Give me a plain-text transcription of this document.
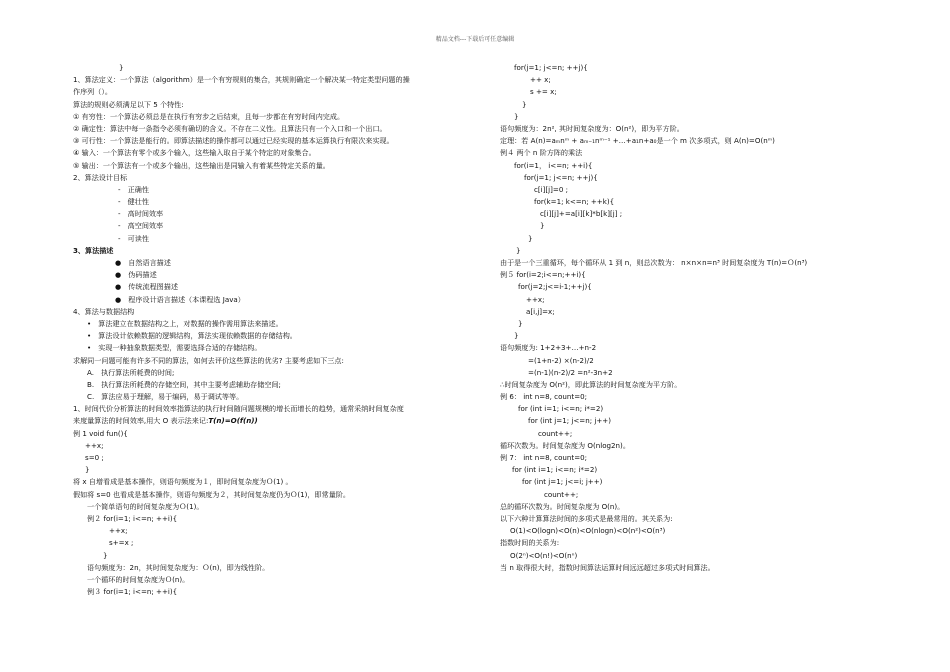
精品文档---下载后可任意编辑
}
1、算法定义：一个算法（algorithm）是一个有穷规则的集合，其规则确定一个解决某一特定类型问题的操
作序列（）。
算法的规则必须满足以下 5 个特性:
① 有穷性：一个算法必须总是在执行有穷步之后结束，且每一步都在有穷时间内完成。
② 确定性：算法中每一条指令必须有确切的含义。不存在二义性。且算法只有一个入口和一个出口。
③ 可行性：一个算法是能行的。即算法描述的操作都可以通过已经实现的基本运算执行有限次来实现。
④ 输入：一个算法有零个或多个输入，这些输入取自于某个特定的对象集合。
⑤ 输出：一个算法有一个或多个输出，这些输出是同输入有着某些特定关系的量。
2、算法设计目标
-　正确性
-　健壮性
-　高时间效率
-　高空间效率
-　可读性
3、算法描述
●　自然语言描述
●　伪码描述
●　传统流程图描述
●　程序设计语言描述（本课程选 Java）
4、算法与数据结构
•　算法建立在数据结构之上，对数据的操作需用算法来描述。
•　算法设计依赖数据的逻辑结构，算法实现依赖数据的存储结构。
•　实现一种抽象数据类型，需要选择合适的存储结构。
求解同一问题可能有许多不同的算法，如何去评价这些算法的优劣? 主要考虑如下三点:
A.　执行算法所耗费的时间;
B.　执行算法所耗费的存储空间，其中主要考虑辅助存储空间;
C.　算法应易于理解，易于编码，易于调试等等。
1、时间代价分析算法的时间效率指算法的执行时间随问题规模的增长而增长的趋势，通常采纳时间复杂度
来度量算法的时间效率,用大 O 表示法来记:T(n)=O(f(n))
例 1 void fun(){
++x;
s=0 ;
}
将 x 自增看成是基本操作，则语句频度为１，即时间复杂度为Ｏ(1) 。
假如将 s=0 也看成是基本操作，则语句频度为２，其时间复杂度仍为Ｏ(1)，即常量阶。
一个简单语句的时间复杂度为Ｏ(1)。
例２ for(i=1; i<=n; ++i){
++x;
s+=x ;
}
语句频度为：2n，其时间复杂度为：Ｏ(n)，即为线性阶。
一个循环的时间复杂度为Ｏ(n)。
例３ for(i=1; i<=n; ++i){
for(j=1; j<=n; ++j){
++ x;
s += x;
}
}
语句频度为：2n², 其时间复杂度为：O(n²)，即为平方阶。
定理：若 A(n)=aₘnᵐ + aₘ₋₁nᵐ⁻¹ +…+a₁n+a₀是一个 m 次多项式，则 A(n)=O(nᵐ)
例４ 两个 n 阶方阵的乘法
for(i=1， i<=n; ++i){
for(j=1; j<=n; ++j){
c[i][j]=0 ;
for(k=1; k<=n; ++k){
c[i][j]+=a[i][k]*b[k][j] ;
}
}
}
由于是一个三重循环，每个循环从 1 到 n，则总次数为： n×n×n=n³ 时间复杂度为 T(n)=Ｏ(n³)
例５ for(i=2;i<=n;++i){
for(j=2;j<=i-1;++j){
++x;
a[i,j]=x;
}
}
语句频度为: 1+2+3+…+n-2
=(1+n-2) ×(n-2)/2
=(n-1)(n-2)/2 =n²-3n+2
∴时间复杂度为 O(n²)，即此算法的时间复杂度为平方阶。
例 6： int n=8, count=0;
for (int i=1; i<=n; i*=2)
for (int j=1; j<=n; j++)
count++;
循环次数为。时间复杂度为 O(nlog2n)。
例 7： int n=8, count=0;
for (int i=1; i<=n; i*=2)
for (int j=1; j<=i; j++)
count++;
总的循环次数为。时间复杂度为 O(n)。
以下六种计算算法时间的多项式是最常用的。其关系为:
O(1)<O(logn)<O(n)<O(nlogn)<O(n²)<O(n³)
指数时间的关系为:
O(2ⁿ)<O(n!)<O(nⁿ)
当 n 取得很大时，指数时间算法运算时间远远超过多项式时间算法。
